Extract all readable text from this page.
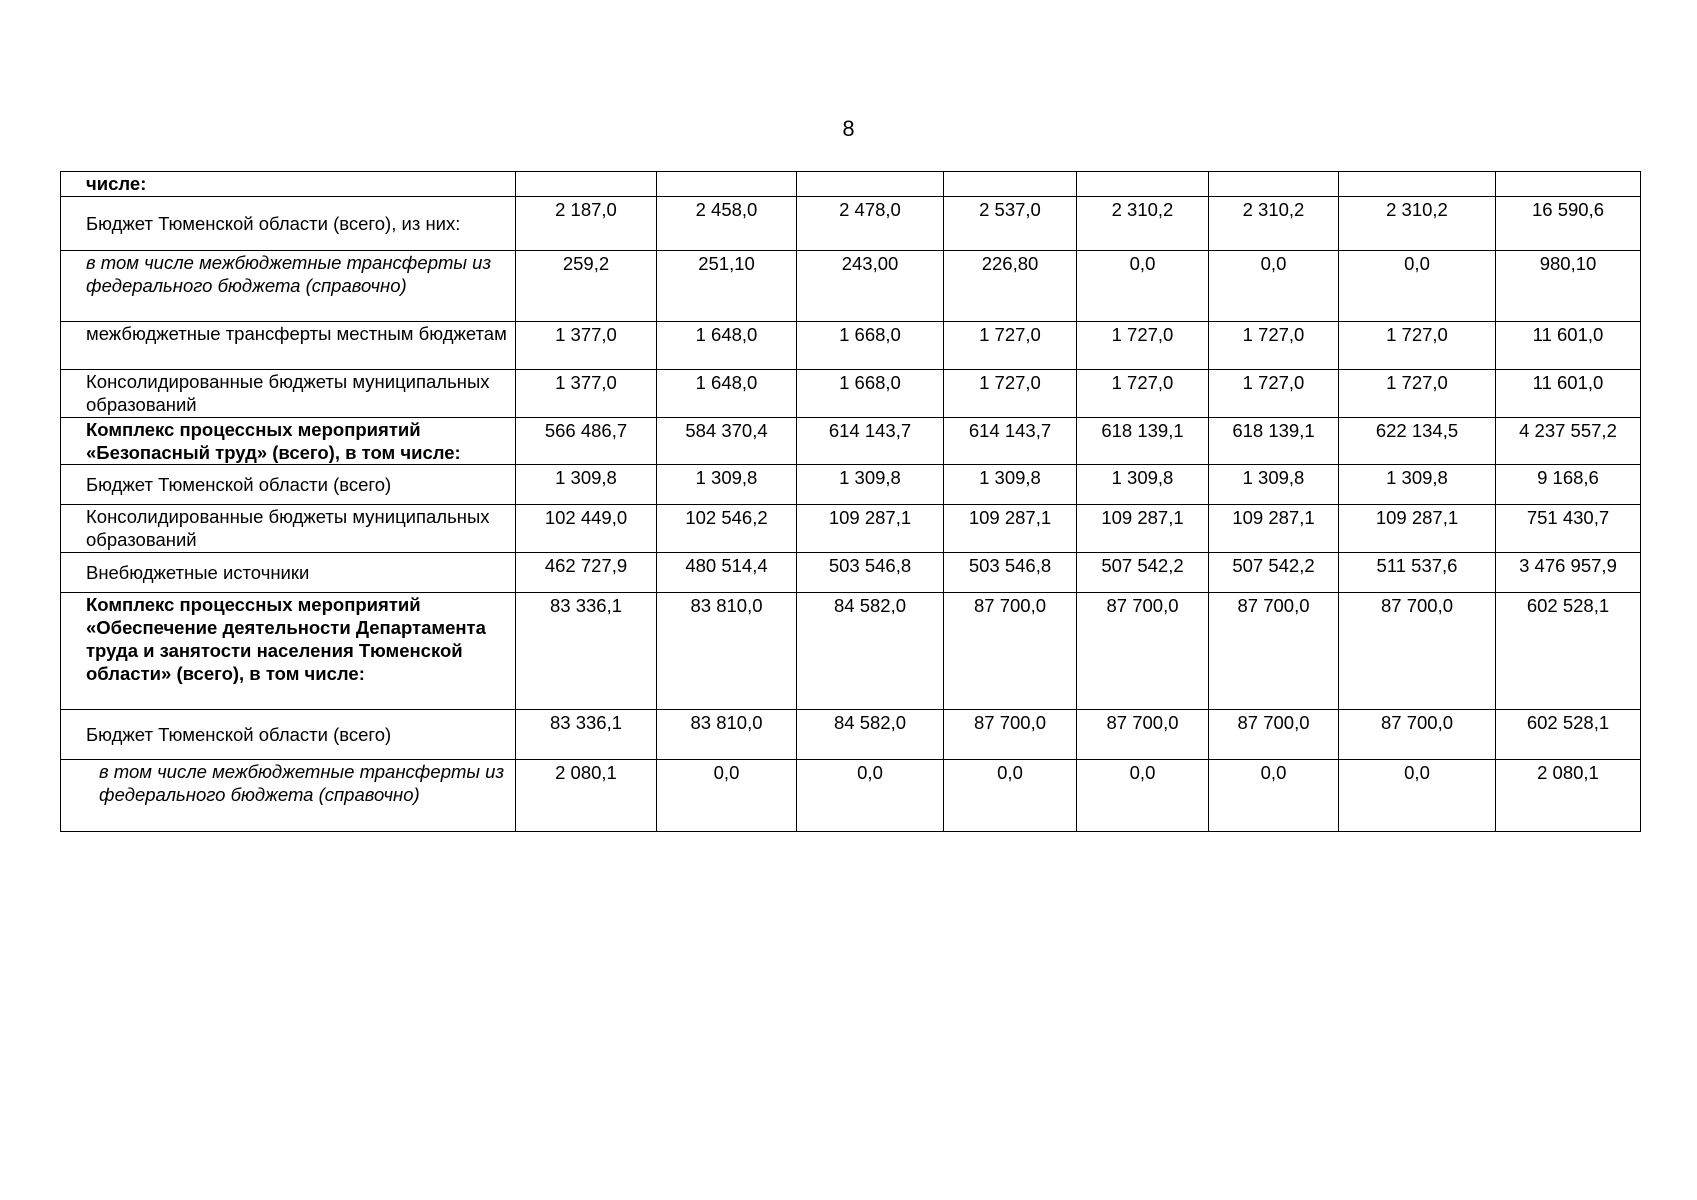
8
числе:								
Бюджет Тюменской области (всего), из них:	2 187,0	2 458,0	2 478,0	2 537,0	2 310,2	2 310,2	2 310,2	16 590,6
в том числе межбюджетные трансферты из федерального бюджета (справочно)	259,2	251,10	243,00	226,80	0,0	0,0	0,0	980,10
межбюджетные трансферты местным бюджетам	1 377,0	1 648,0	1 668,0	1 727,0	1 727,0	1 727,0	1 727,0	11 601,0
Консолидированные бюджеты муниципальных образований	1 377,0	1 648,0	1 668,0	1 727,0	1 727,0	1 727,0	1 727,0	11 601,0
Комплекс процессных мероприятий «Безопасный труд» (всего), в том числе:	566 486,7	584 370,4	614 143,7	614 143,7	618 139,1	618 139,1	622 134,5	4 237 557,2
Бюджет Тюменской области (всего)	1 309,8	1 309,8	1 309,8	1 309,8	1 309,8	1 309,8	1 309,8	9 168,6
Консолидированные бюджеты муниципальных образований	102 449,0	102 546,2	109 287,1	109 287,1	109 287,1	109 287,1	109 287,1	751 430,7
Внебюджетные источники	462 727,9	480 514,4	503 546,8	503 546,8	507 542,2	507 542,2	511 537,6	3 476 957,9
Комплекс процессных мероприятий «Обеспечение деятельности Департамента труда и занятости населения Тюменской области» (всего), в том числе:	83 336,1	83 810,0	84 582,0	87 700,0	87 700,0	87 700,0	87 700,0	602 528,1
Бюджет Тюменской области (всего)	83 336,1	83 810,0	84 582,0	87 700,0	87 700,0	87 700,0	87 700,0	602 528,1
в том числе межбюджетные трансферты из федерального бюджета (справочно)	2 080,1	0,0	0,0	0,0	0,0	0,0	0,0	2 080,1
